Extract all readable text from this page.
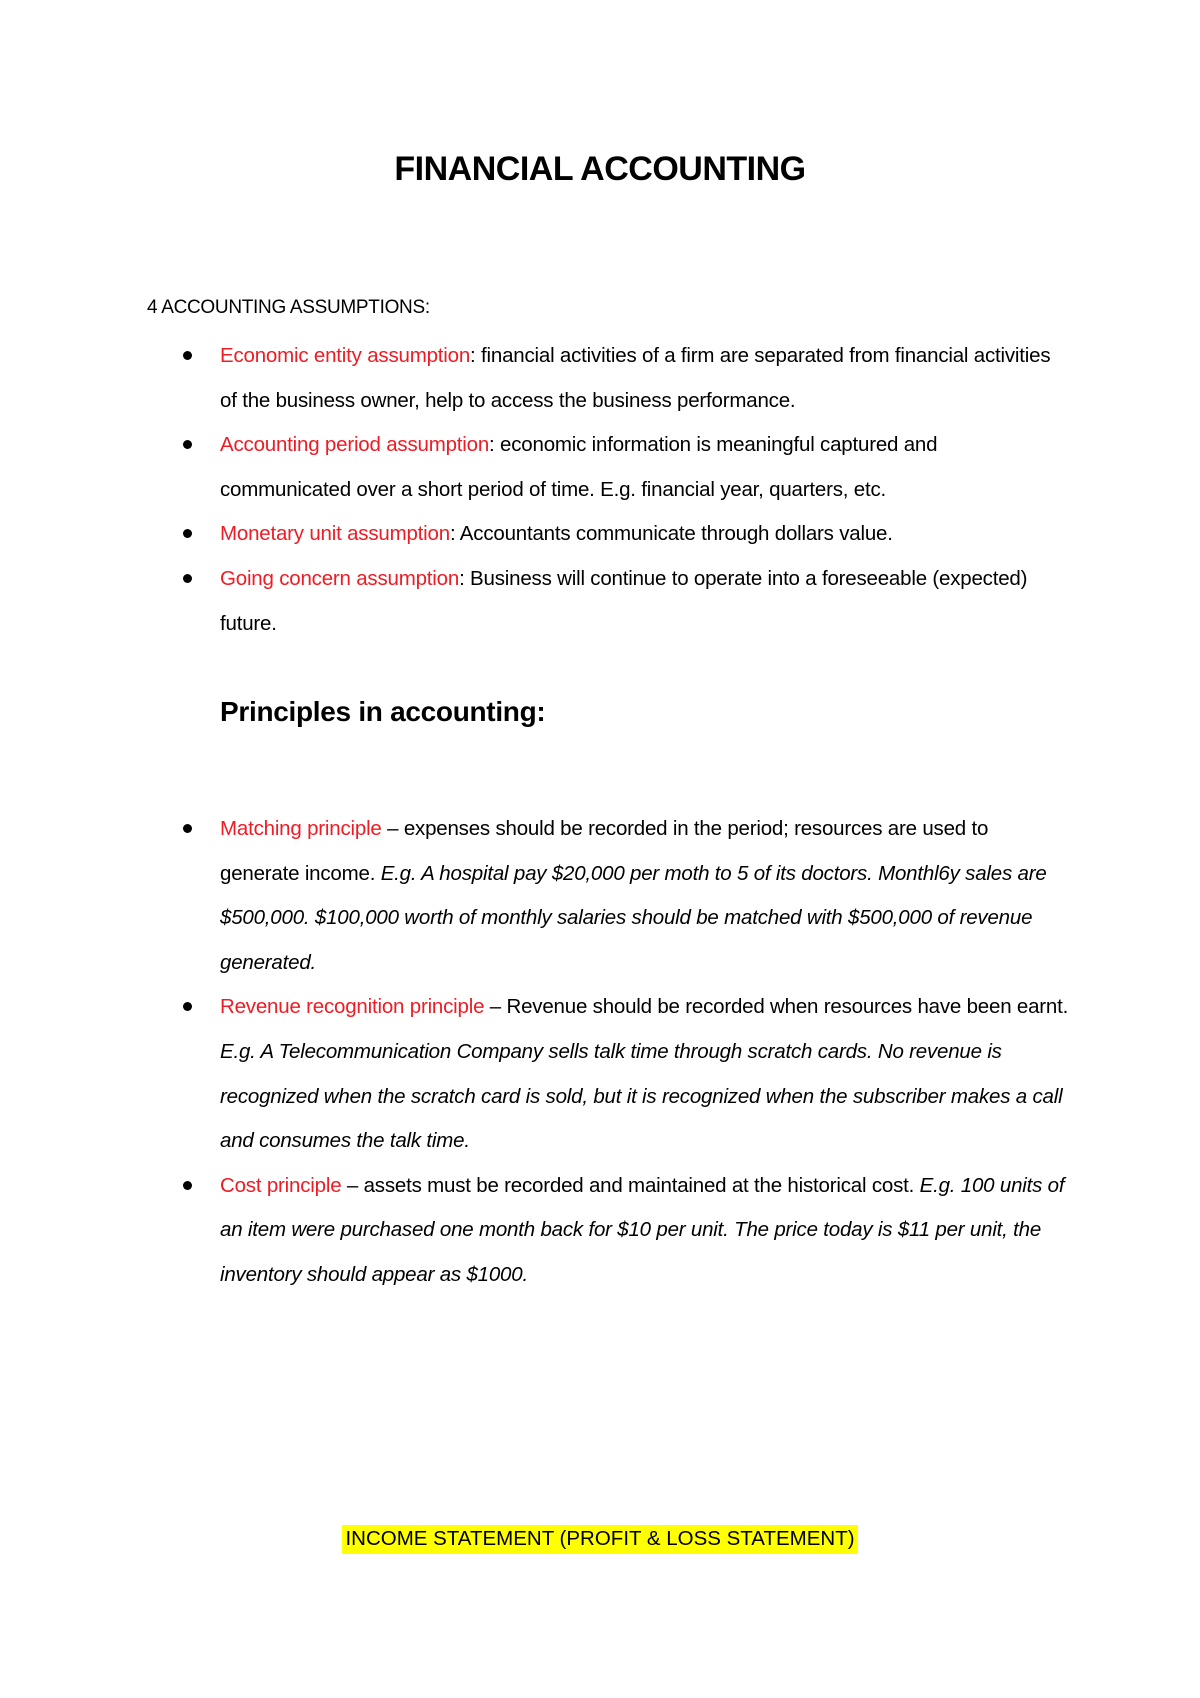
FINANCIAL ACCOUNTING
4 ACCOUNTING ASSUMPTIONS:
Economic entity assumption: financial activities of a firm are separated from financial activities of the business owner, help to access the business performance.
Accounting period assumption: economic information is meaningful captured and communicated over a short period of time. E.g. financial year, quarters, etc.
Monetary unit assumption: Accountants communicate through dollars value.
Going concern assumption: Business will continue to operate into a foreseeable (expected) future.
Principles in accounting:
Matching principle – expenses should be recorded in the period; resources are used to generate income. E.g. A hospital pay $20,000 per moth to 5 of its doctors. Monthl6y sales are $500,000. $100,000 worth of monthly salaries should be matched with $500,000 of revenue generated.
Revenue recognition principle – Revenue should be recorded when resources have been earnt. E.g. A Telecommunication Company sells talk time through scratch cards. No revenue is recognized when the scratch card is sold, but it is recognized when the subscriber makes a call and consumes the talk time.
Cost principle – assets must be recorded and maintained at the historical cost. E.g. 100 units of an item were purchased one month back for $10 per unit. The price today is $11 per unit, the inventory should appear as $1000.
INCOME STATEMENT (PROFIT & LOSS STATEMENT)
